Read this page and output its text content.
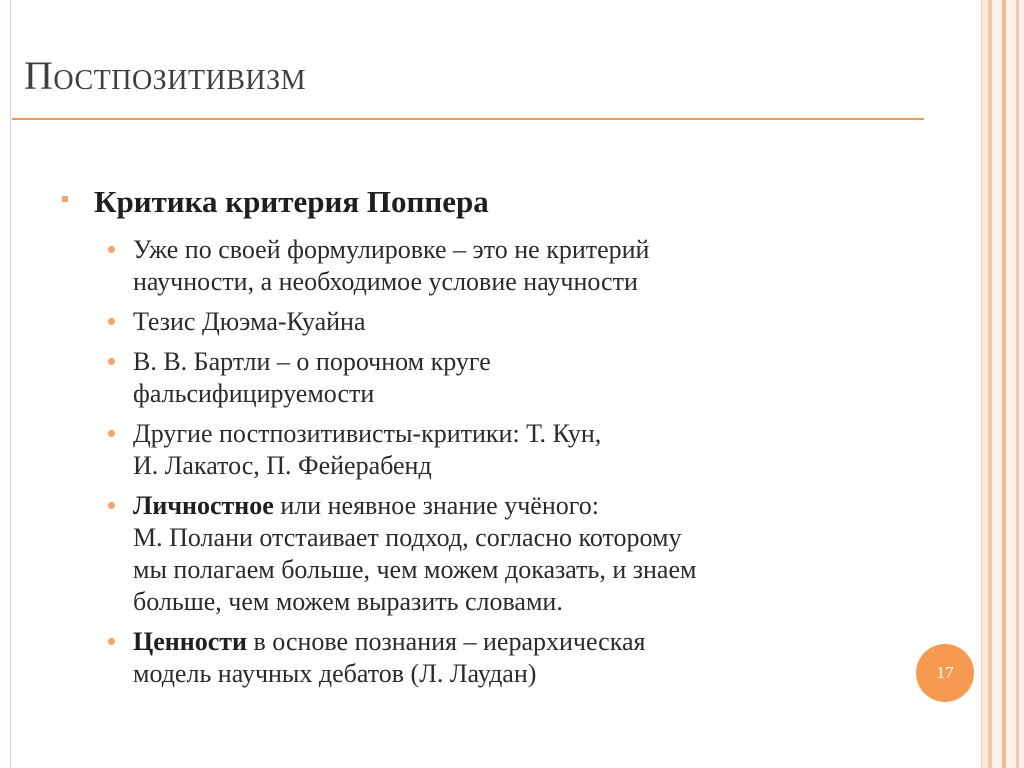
Постпозитивизм
Критика критерия Поппера
Уже по своей формулировке – это не критерий
научности, а необходимое условие научности
Тезис Дюэма-Куайна
В. В. Бартли – о порочном круге
фальсифицируемости
Другие постпозитивисты-критики: Т. Кун,
И. Лакатос, П. Фейерабенд
Личностное или неявное знание учёного:
М. Полани отстаивает подход, согласно которому
мы полагаем больше, чем можем доказать, и знаем
больше, чем можем выразить словами.
Ценности в основе познания – иерархическая
модель научных дебатов (Л. Лаудан)	17
